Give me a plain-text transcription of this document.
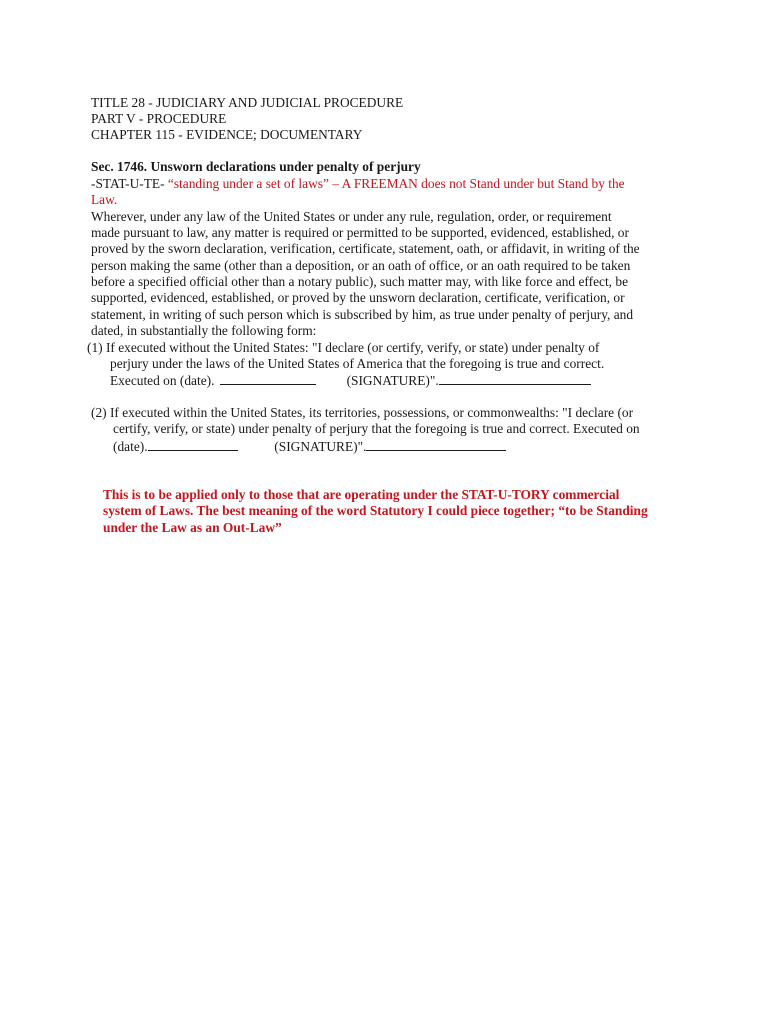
TITLE 28 - JUDICIARY AND JUDICIAL PROCEDURE
PART V - PROCEDURE
CHAPTER 115 - EVIDENCE; DOCUMENTARY
Sec. 1746. Unsworn declarations under penalty of perjury
-STAT-U-TE- “standing under a set of laws” – A FREEMAN does not Stand under but Stand by the
Law.
Wherever, under any law of the United States or under any rule, regulation, order, or requirement
made pursuant to law, any matter is required or permitted to be supported, evidenced, established, or
proved by the sworn declaration, verification, certificate, statement, oath, or affidavit, in writing of the
person making the same (other than a deposition, or an oath of office, or an oath required to be taken
before a specified official other than a notary public), such matter may, with like force and effect, be
supported, evidenced, established, or proved by the unsworn declaration, certificate, verification, or
statement, in writing of such person which is subscribed by him, as true under penalty of perjury, and
dated, in substantially the following form:
(1) If executed without the United States: "I declare (or certify, verify, or state) under penalty of
perjury under the laws of the United States of America that the foregoing is true and correct.
Executed on (date).	(SIGNATURE)".
(2) If executed within the United States, its territories, possessions, or commonwealths: "I declare (or
certify, verify, or state) under penalty of perjury that the foregoing is true and correct. Executed on
(date).	(SIGNATURE)".
This is to be applied only to those that are operating under the STAT-U-TORY commercial
system of Laws. The best meaning of the word Statutory I could piece together; “to be Standing
under the Law as an Out-Law”
